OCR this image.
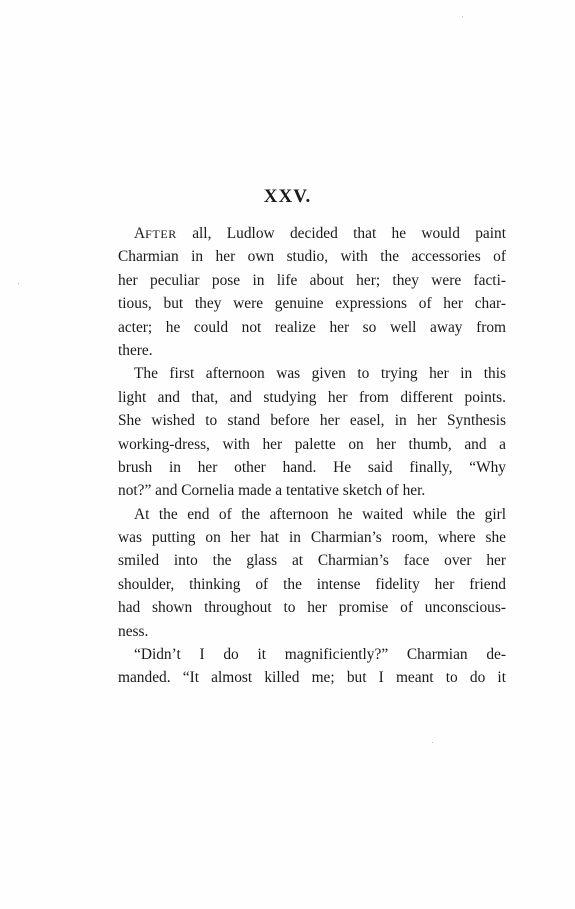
XXV.
AFTER all, Ludlow decided that he would paint
Charmian in her own studio, with the accessories of
her peculiar pose in life about her; they were facti-
tious, but they were genuine expressions of her char-
acter; he could not realize her so well away from
there.
The first afternoon was given to trying her in this
light and that, and studying her from different points.
She wished to stand before her easel, in her Synthesis
working-dress, with her palette on her thumb, and a
brush in her other hand. He said finally, “Why
not?” and Cornelia made a tentative sketch of her.
At the end of the afternoon he waited while the girl
was putting on her hat in Charmian’s room, where she
smiled into the glass at Charmian’s face over her
shoulder, thinking of the intense fidelity her friend
had shown throughout to her promise of unconscious-
ness.
“Didn’t I do it magnificiently?” Charmian de-
manded. “It almost killed me; but I meant to do it
